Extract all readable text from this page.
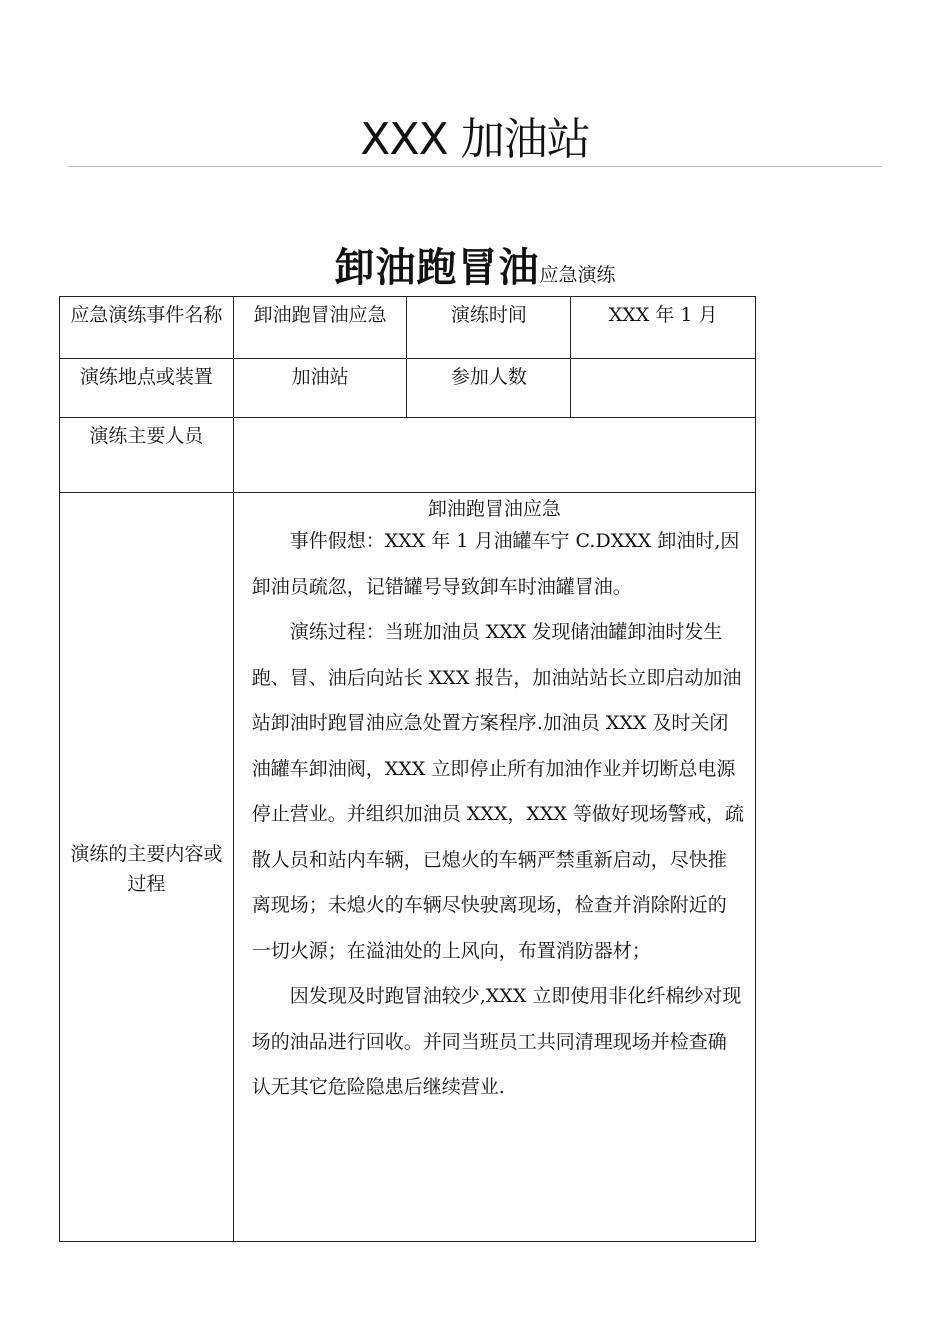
XXX 加油站
卸油跑冒油应急演练
应急演练事件名称	卸油跑冒油应急	演练时间	XXX 年 1 月

演练地点或装置	加油站	参加人数	

演练主要人员			

演练的主要内容或过程	卸油跑冒油应急

事件假想：XXX 年 1 月油罐车宁 C.DXXX 卸油时,因卸油员疏忽，记错罐号导致卸车时油罐冒油。

演练过程：当班加油员 XXX 发现储油罐卸油时发生跑、冒、油后向站长 XXX 报告，加油站站长立即启动加油站卸油时跑冒油应急处置方案程序.加油员 XXX 及时关闭油罐车卸油阀，XXX 立即停止所有加油作业并切断总电源停止营业。并组织加油员 XXX，XXX 等做好现场警戒，疏散人员和站内车辆，已熄火的车辆严禁重新启动，尽快推离现场；未熄火的车辆尽快驶离现场，检查并消除附近的一切火源；在溢油处的上风向，布置消防器材；

因发现及时跑冒油较少,XXX 立即使用非化纤棉纱对现场的油品进行回收。并同当班员工共同清理现场并检查确认无其它危险隐患后继续营业.		
